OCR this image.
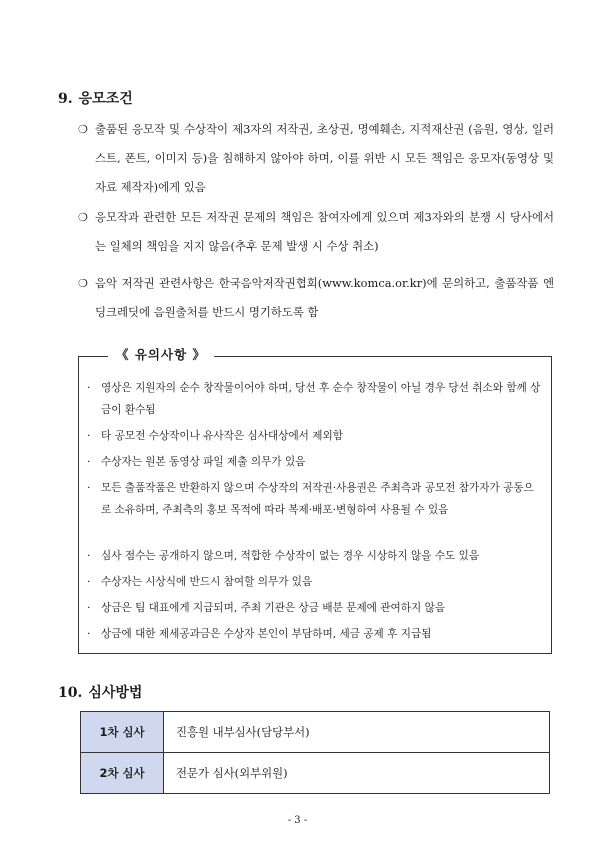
9. 응모조건
❍ 출품된 응모작 및 수상작이 제3자의 저작권, 초상권, 명예훼손, 지적재산권 (음원, 영상, 일러스트, 폰트, 이미지 등)을 침해하지 않아야 하며, 이를 위반 시 모든 책임은 응모자(동영상 및 자료 제작자)에게 있음
❍ 응모작과 관련한 모든 저작권 문제의 책임은 참여자에게 있으며 제3자와의 분쟁 시 당사에서는 일체의 책임을 지지 않음(추후 문제 발생 시 수상 취소)
❍ 음악 저작권 관련사항은 한국음악저작권협회(www.komca.or.kr)에 문의하고, 출품작품 엔딩크레딧에 음원출처를 반드시 명기하도록 함
《 유의사항 》
·	영상은 지원자의 순수 창작물이어야 하며, 당선 후 순수 창작물이 아닐 경우 당선 취소와 함께 상금이 환수됨
·	타 공모전 수상작이나 유사작은 심사대상에서 제외함
·	수상자는 원본 동영상 파일 제출 의무가 있음
·	모든 출품작품은 반환하지 않으며 수상작의 저작권·사용권은 주최측과 공모전 참가자가 공동으로 소유하며, 주최측의 홍보 목적에 따라 복제·배포·변형하여 사용될 수 있음
·	심사 점수는 공개하지 않으며, 적합한 수상작이 없는 경우 시상하지 않을 수도 있음
·	수상자는 시상식에 반드시 참여할 의무가 있음
·	상금은 팀 대표에게 지급되며, 주최 기관은 상금 배분 문제에 관여하지 않음
·	상금에 대한 제세공과금은 수상자 본인이 부담하며, 세금 공제 후 지급됨
10. 심사방법
1차 심사	진흥원 내부심사(담당부서)
2차 심사	전문가 심사(외부위원)
- 3 -
